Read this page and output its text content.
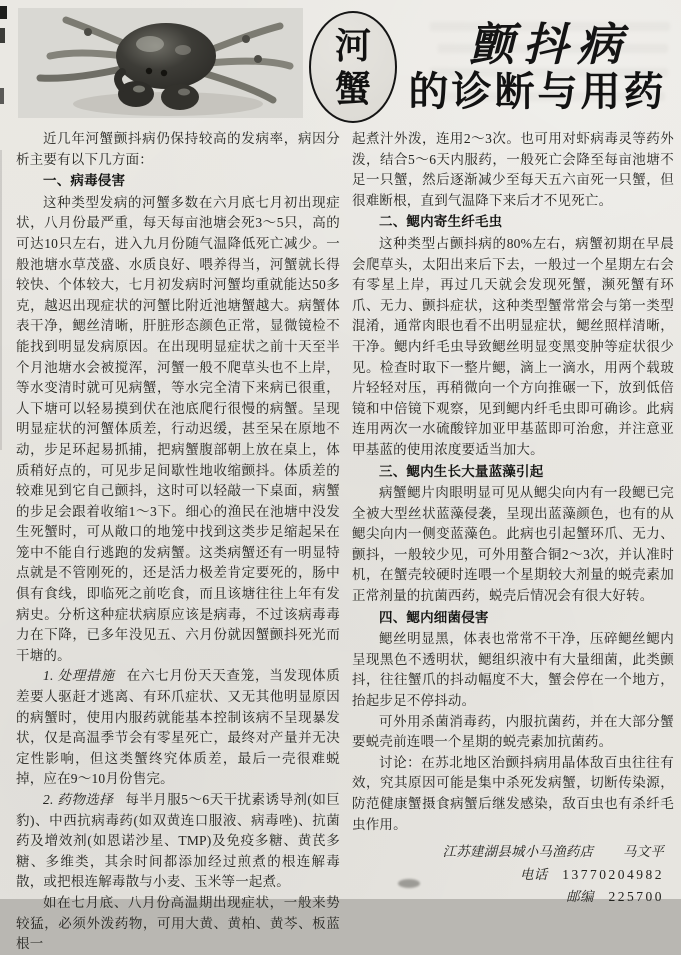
河
蟹
颤抖病
的诊断与用药

近几年河蟹颤抖病仍保持较高的发病率，病因分析主要有以下几方面：

一、病毒侵害

这种类型发病的河蟹多数在六月底七月初出现症状，八月份最严重，每天每亩池塘会死3～5只，高的可达10只左右，进入九月份随气温降低死亡减少。一般池塘水草茂盛、水质良好、喂养得当，河蟹就长得较快、个体较大，七月初发病时河蟹均重就能达50多克，越迟出现症状的河蟹比附近池塘蟹越大。病蟹体表干净，鳃丝清晰，肝脏形态颜色正常，显微镜检不能找到明显发病原因。在出现明显症状之前十天至半个月池塘水会被搅浑，河蟹一般不爬草头也不上岸，等水变清时就可见病蟹，等水完全清下来病已很重，人下塘可以轻易摸到伏在池底爬行很慢的病蟹。呈现明显症状的河蟹体质差，行动迟缓，甚至呆在原地不动，步足环起易抓捕，把病蟹腹部朝上放在桌上，体质稍好点的，可见步足间歇性地收缩颤抖。体质差的较难见到它自己颤抖，这时可以轻敲一下桌面，病蟹的步足会跟着收缩1～3下。细心的渔民在池塘中没发生死蟹时，可从敞口的地笼中找到这类步足缩起呆在笼中不能自行逃跑的发病蟹。这类病蟹还有一明显特点就是不管刚死的，还是活力极差肯定要死的，肠中俱有食线，即临死之前吃食，而且该塘往往上年有发病史。分析这种症状病原应该是病毒，不过该病毒毒力在下降，已多年没见五、六月份就因蟹颤抖死光而干塘的。

1. 处理措施 在六七月份天天查笼，当发现体质差要人驱赶才逃离、有环爪症状、又无其他明显原因的病蟹时，使用内服药就能基本控制该病不呈现暴发状，仅是高温季节会有零星死亡，最终对产量并无决定性影响，但这类蟹终究体质差，最后一壳很难蜕掉，应在9～10月份售完。

2. 药物选择 每半月服5～6天干扰素诱导剂(如巨豹)、中西抗病毒药(如双黄连口服液、病毒唑)、抗菌药及增效剂(如恩诺沙星、TMP)及免疫多糖、黄芪多糖、多维类，其余时间都添加经过煎煮的根连解毒散，或把根连解毒散与小麦、玉米等一起煮。

如在七月底、八月份高温期出现症状，一般来势较猛，必须外泼药物，可用大黄、黄柏、黄芩、板蓝根一

起煮汁外泼，连用2～3次。也可用对虾病毒灵等药外泼，结合5～6天内服药，一般死亡会降至每亩池塘不足一只蟹，然后逐渐减少至每天五六亩死一只蟹，但很难断根，直到气温降下来后才不见死亡。

二、鳃内寄生纤毛虫

这种类型占颤抖病的80%左右，病蟹初期在早晨会爬草头，太阳出来后下去，一般过一个星期左右会有零星上岸，再过几天就会发现死蟹，濒死蟹有环爪、无力、颤抖症状，这种类型蟹常常会与第一类型混淆，通常肉眼也看不出明显症状，鳃丝照样清晰，干净。鳃内纤毛虫导致鳃丝明显变黑变肿等症状很少见。检查时取下一整片鳃，滴上一滴水，用两个载玻片轻轻对压，再稍微向一个方向推碾一下，放到低倍镜和中倍镜下观察，见到鳃内纤毛虫即可确诊。此病连用两次一水硫酸锌加亚甲基蓝即可治愈，并注意亚甲基蓝的使用浓度要适当加大。

三、鳃内生长大量蓝藻引起

病蟹鳃片肉眼明显可见从鳃尖向内有一段鳃已完全被大型丝状蓝藻侵袭，呈现出蓝藻颜色，也有的从鳃尖向内一侧变蓝藻色。此病也引起蟹环爪、无力、颤抖，一般较少见，可外用螯合铜2～3次，并认准时机，在蟹壳较硬时连喂一个星期较大剂量的蜕壳素加正常剂量的抗菌西药，蜕壳后情况会有很大好转。

四、鳃内细菌侵害

鳃丝明显黑，体表也常常不干净，压碎鳃丝鳃内呈现黑色不透明状，鳃组织液中有大量细菌，此类颤抖，往往蟹爪的抖动幅度不大，蟹会停在一个地方，抬起步足不停抖动。

可外用杀菌消毒药，内服抗菌药，并在大部分蟹要蜕壳前连喂一个星期的蜕壳素加抗菌药。

讨论：在苏北地区治颤抖病用晶体敌百虫往往有效，究其原因可能是集中杀死发病蟹，切断传染源，防范健康蟹摄食病蟹后继发感染，敌百虫也有杀纤毛虫作用。

江苏建湖县城小马渔药店 马文平

电话 13770204982

邮编 225700
